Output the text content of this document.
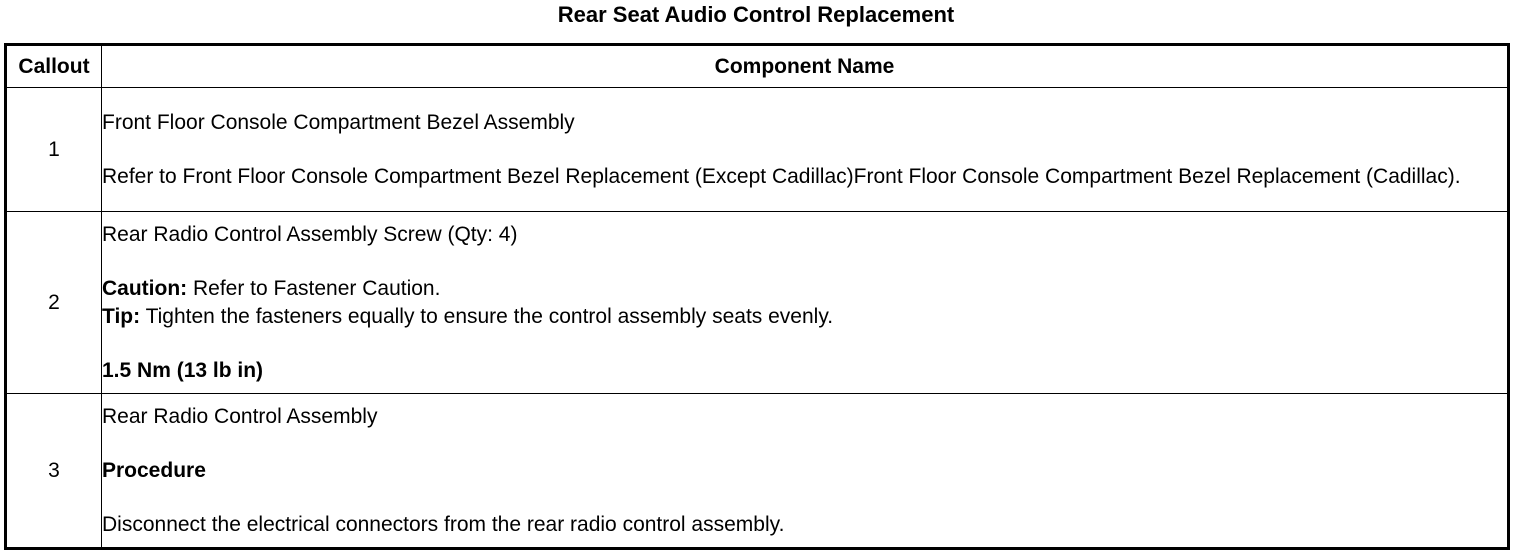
Rear Seat Audio Control Replacement
Callout	Component Name
1	Front Floor Console Compartment Bezel Assembly

Refer to Front Floor Console Compartment Bezel Replacement (Except Cadillac)Front Floor Console Compartment Bezel Replacement (Cadillac).

2	Rear Radio Control Assembly Screw (Qty: 4)

Caution: Refer to Fastener Caution.

Tip: Tighten the fasteners equally to ensure the control assembly seats evenly.

1.5 Nm (13 lb in)

3	Rear Radio Control Assembly

Procedure

Disconnect the electrical connectors from the rear radio control assembly.
